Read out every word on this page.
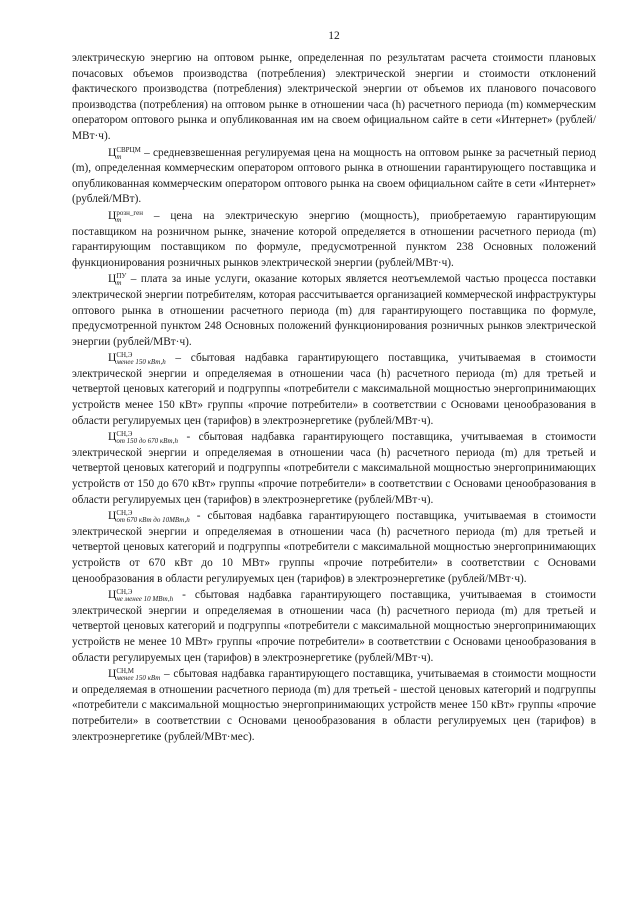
12

электрическую энергию на оптовом рынке, определенная по результатам расчета стоимости плановых почасовых объемов производства (потребления) электрической энергии и стоимости отклонений фактического производства (потребления) электрической энергии от объемов их планового почасового производства (потребления) на оптовом рынке в отношении часа (h) расчетного периода (m) коммерческим оператором оптового рынка и опубликованная им на своем официальном сайте в сети «Интернет» (рублей/МВт·ч).

Ц СВРЦМ
m	– средневзвешенная регулируемая цена на мощность на оптовом рынке за расчетный период (m), определенная коммерческим оператором оптового рынка в отношении гарантирующего поставщика и опубликованная коммерческим оператором оптового рынка на своем официальном сайте в сети «Интернет» (рублей/МВт).

Ц розн_ген
m	– цена на электрическую энергию (мощность), приобретаемую гарантирующим поставщиком на розничном рынке, значение которой определяется в отношении расчетного периода (m) гарантирующим поставщиком по формуле, предусмотренной пунктом 238 Основных положений функционирования розничных рынков электрической энергии (рублей/МВт·ч).

Ц ПУ
m – плата за иные услуги, оказание которых является неотъемлемой частью процесса поставки электрической энергии потребителям, которая рассчитывается организацией коммерческой инфраструктуры оптового рынка в отношении расчетного периода (m) для гарантирующего поставщика по формуле, предусмотренной пунктом 248 Основных положений функционирования розничных рынков электрической энергии (рублей/МВт·ч).

Ц СН,Э
менее 150 кВт,h – сбытовая надбавка гарантирующего поставщика, учитываемая в стоимости электрической энергии и определяемая в отношении часа (h) расчетного периода (m) для третьей и четвертой ценовых категорий и подгруппы «потребители с максимальной мощностью энергопринимающих устройств менее 150 кВт» группы «прочие потребители» в соответствии с Основами ценообразования в области регулируемых цен (тарифов) в электроэнергетике (рублей/МВт·ч).

Ц СН,Э
от 150 до 670 кВт,h - сбытовая надбавка гарантирующего поставщика, учитываемая в стоимости электрической энергии и определяемая в отношении часа (h) расчетного периода (m) для третьей и четвертой ценовых категорий и подгруппы «потребители с максимальной мощностью энергопринимающих устройств от 150 до 670 кВт» группы «прочие потребители» в соответствии с Основами ценообразования в области регулируемых цен (тарифов) в электроэнергетике (рублей/МВт·ч).

Ц СН,Э
от 670 кВт до 10МВт,h - сбытовая надбавка гарантирующего поставщика, учитываемая в стоимости электрической энергии и определяемая в отношении часа (h) расчетного периода (m) для третьей и четвертой ценовых категорий и подгруппы «потребители с максимальной мощностью энергопринимающих устройств от 670 кВт до 10 МВт» группы «прочие потребители» в соответствии с Основами ценообразования в области регулируемых цен (тарифов) в электроэнергетике (рублей/МВт·ч).

Ц СН,Э
не менее 10 МВт,h - сбытовая надбавка гарантирующего поставщика, учитываемая в стоимости электрической энергии и определяемая в отношении часа (h) расчетного периода (m) для третьей и четвертой ценовых категорий и подгруппы «потребители с максимальной мощностью энергопринимающих устройств не менее 10 МВт» группы «прочие потребители» в соответствии с Основами ценообразования в области регулируемых цен (тарифов) в электроэнергетике (рублей/МВт·ч).

Ц СН,М
менее 150 кВт – сбытовая надбавка гарантирующего поставщика, учитываемая в стоимости мощности и определяемая в отношении расчетного периода (m) для третьей - шестой ценовых категорий и подгруппы «потребители с максимальной мощностью энергопринимающих устройств менее 150 кВт» группы «прочие потребители» в соответствии с Основами ценообразования в области регулируемых цен (тарифов) в электроэнергетике (рублей/МВт·мес).
